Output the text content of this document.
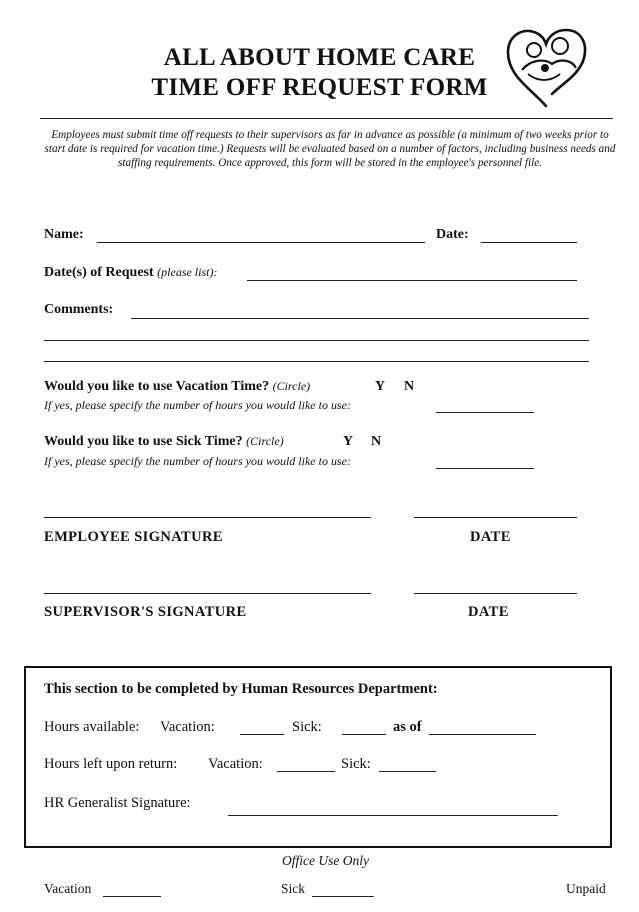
ALL ABOUT HOME CARE
TIME OFF REQUEST FORM
Employees must submit time off requests to their supervisors as far in advance as possible (a minimum of two weeks prior to start date is required for vacation time.) Requests will be evaluated based on a number of factors, including business needs and staffing requirements. Once approved, this form will be stored in the employee's personnel file.
Name:	Date:
Date(s) of Request (please list):
Comments:
Would you like to use Vacation Time? (Circle)	Y N
If yes, please specify the number of hours you would like to use:
Would you like to use Sick Time? (Circle)	Y N
If yes, please specify the number of hours you would like to use:
EMPLOYEE SIGNATURE	DATE
SUPERVISOR'S SIGNATURE	DATE
This section to be completed by Human Resources Department:
Hours available: Vacation:	Sick:	as of
Hours left upon return: Vacation:	Sick:
HR Generalist Signature:
Office Use Only
Vacation	Sick	Unpaid
